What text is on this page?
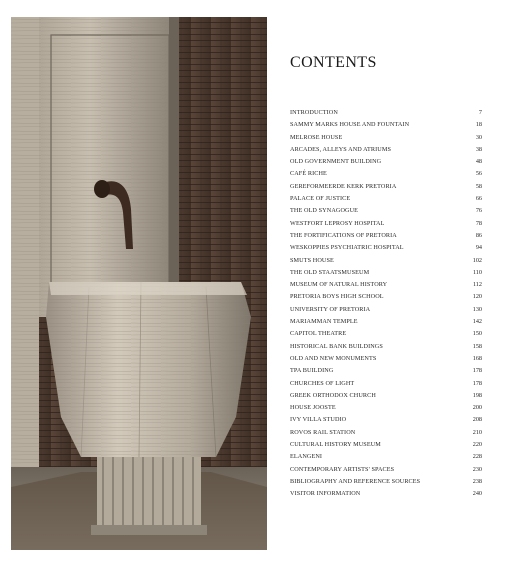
CONTENTS
INTRODUCTION	7
SAMMY MARKS HOUSE AND FOUNTAIN	18
MELROSE HOUSE	30
ARCADES, ALLEYS AND ATRIUMS	38
OLD GOVERNMENT BUILDING	48
CAFÉ RICHE	56
GEREFORMEERDE KERK PRETORIA	58
PALACE OF JUSTICE	66
THE OLD SYNAGOGUE	76
WESTFORT LEPROSY HOSPITAL	78
THE FORTIFICATIONS OF PRETORIA	86
WESKOPPIES PSYCHIATRIC HOSPITAL	94
SMUTS HOUSE	102
THE OLD STAATSMUSEUM	110
MUSEUM OF NATURAL HISTORY	112
PRETORIA BOYS HIGH SCHOOL	120
UNIVERSITY OF PRETORIA	130
MARIAMMAN TEMPLE	142
CAPITOL THEATRE	150
HISTORICAL BANK BUILDINGS	158
OLD AND NEW MONUMENTS	168
TPA BUILDING	178
CHURCHES OF LIGHT	178
GREEK ORTHODOX CHURCH	198
HOUSE JOOSTE	200
IVY VILLA STUDIO	208
ROVOS RAIL STATION	210
CULTURAL HISTORY MUSEUM	220
ELANGENI	228
CONTEMPORARY ARTISTS' SPACES	230
BIBLIOGRAPHY AND REFERENCE SOURCES	238
VISITOR INFORMATION	240
